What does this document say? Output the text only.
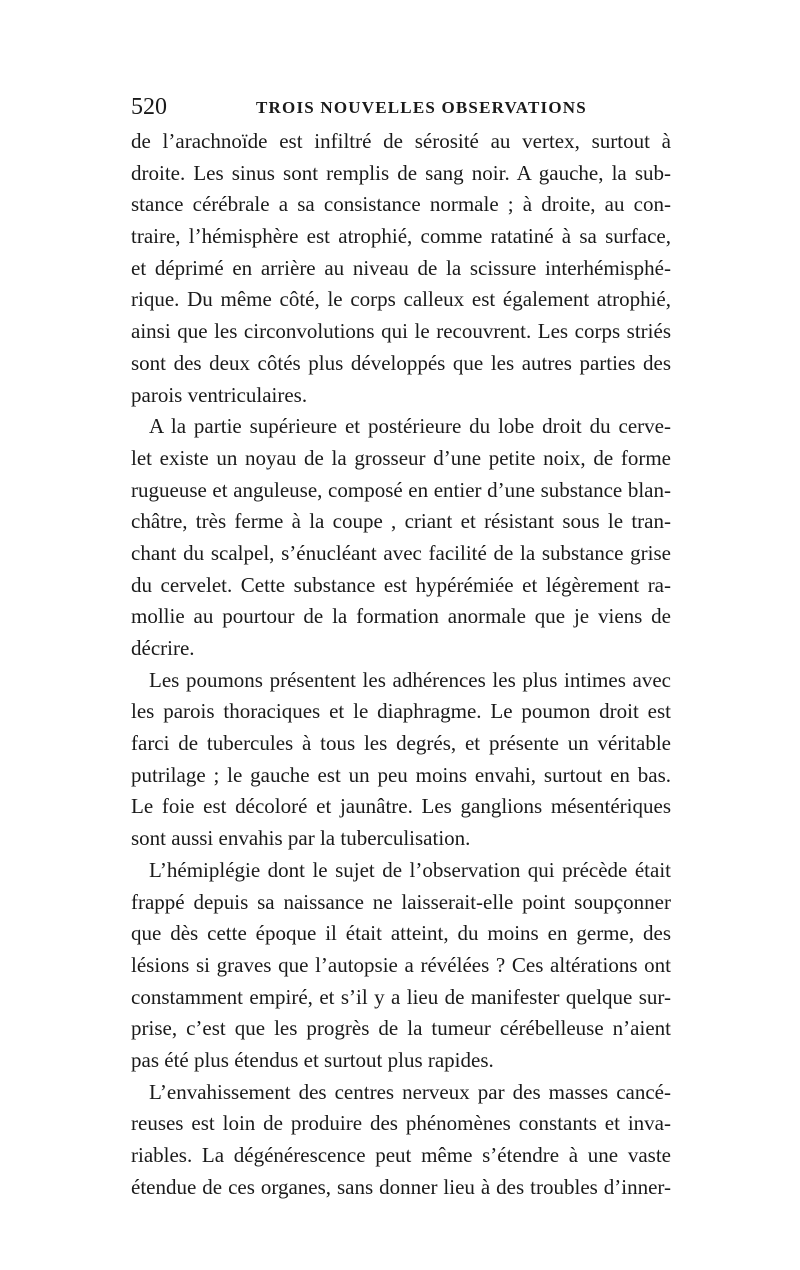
520	TROIS NOUVELLES OBSERVATIONS
de l’arachnoïde est infiltré de sérosité au vertex, surtout à
droite. Les sinus sont remplis de sang noir. A gauche, la sub-
stance cérébrale a sa consistance normale ; à droite, au con-
traire, l’hémisphère est atrophié, comme ratatiné à sa surface,
et déprimé en arrière au niveau de la scissure interhémisphé-
rique. Du même côté, le corps calleux est également atrophié,
ainsi que les circonvolutions qui le recouvrent. Les corps striés
sont des deux côtés plus développés que les autres parties des
parois ventriculaires.
A la partie supérieure et postérieure du lobe droit du cerve-
let existe un noyau de la grosseur d’une petite noix, de forme
rugueuse et anguleuse, composé en entier d’une substance blan-
châtre, très ferme à la coupe , criant et résistant sous le tran-
chant du scalpel, s’énucléant avec facilité de la substance grise
du cervelet. Cette substance est hypérémiée et légèrement ra-
mollie au pourtour de la formation anormale que je viens de
décrire.
Les poumons présentent les adhérences les plus intimes avec
les parois thoraciques et le diaphragme. Le poumon droit est
farci de tubercules à tous les degrés, et présente un véritable
putrilage ; le gauche est un peu moins envahi, surtout en bas.
Le foie est décoloré et jaunâtre. Les ganglions mésentériques
sont aussi envahis par la tuberculisation.
L’hémiplégie dont le sujet de l’observation qui précède était
frappé depuis sa naissance ne laisserait-elle point soupçonner
que dès cette époque il était atteint, du moins en germe, des
lésions si graves que l’autopsie a révélées ? Ces altérations ont
constamment empiré, et s’il y a lieu de manifester quelque sur-
prise, c’est que les progrès de la tumeur cérébelleuse n’aient
pas été plus étendus et surtout plus rapides.
L’envahissement des centres nerveux par des masses cancé-
reuses est loin de produire des phénomènes constants et inva-
riables. La dégénérescence peut même s’étendre à une vaste
étendue de ces organes, sans donner lieu à des troubles d’inner-
